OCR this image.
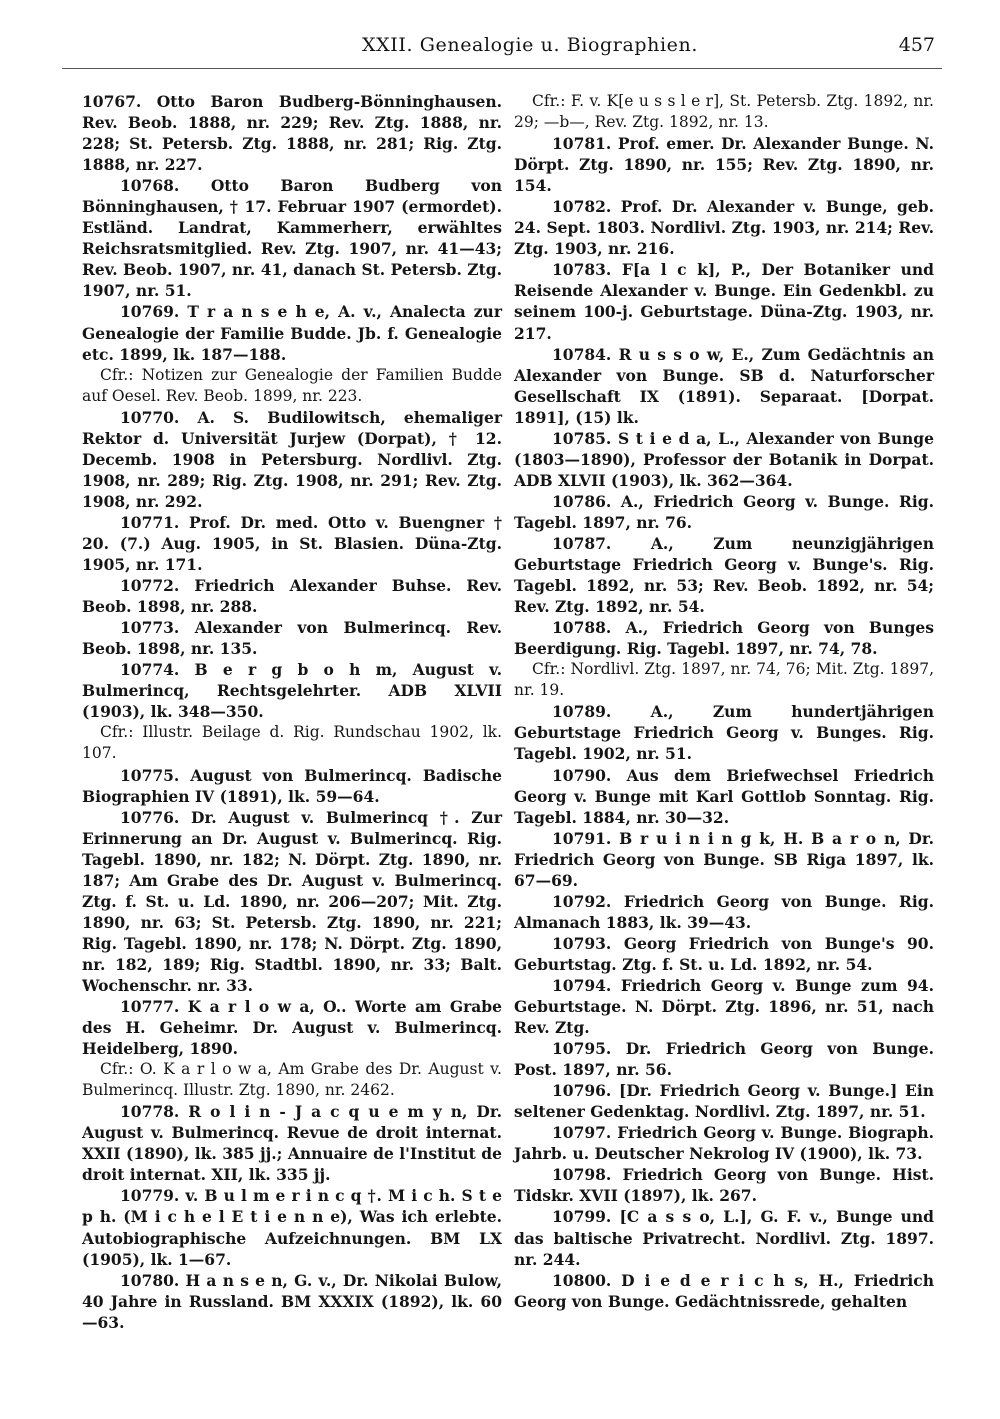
XXII. Genealogie u. Biographien.	457

10767. Otto Baron Budberg-Bönninghausen. Rev. Beob. 1888, nr. 229; Rev. Ztg. 1888, nr. 228; St. Petersb. Ztg. 1888, nr. 281; Rig. Ztg. 1888, nr. 227.

10768. Otto Baron Budberg von Bönninghausen, † 17. Februar 1907 (ermordet). Estländ. Landrat, Kammerherr, erwähltes Reichsratsmitglied. Rev. Ztg. 1907, nr. 41—43; Rev. Beob. 1907, nr. 41, danach St. Petersb. Ztg. 1907, nr. 51.

10769. T r a n s e h e, A. v., Analecta zur Genealogie der Familie Budde. Jb. f. Genealogie etc. 1899, lk. 187—188.

Cfr.: Notizen zur Genealogie der Familien Budde auf Oesel. Rev. Beob. 1899, nr. 223.

10770. A. S. Budilowitsch, ehemaliger Rektor d. Universität Jurjew (Dorpat), † 12. Decemb. 1908 in Petersburg. Nordlivl. Ztg. 1908, nr. 289; Rig. Ztg. 1908, nr. 291; Rev. Ztg. 1908, nr. 292.

10771. Prof. Dr. med. Otto v. Buengner † 20. (7.) Aug. 1905, in St. Blasien. Düna-Ztg. 1905, nr. 171.

10772. Friedrich Alexander Buhse. Rev. Beob. 1898, nr. 288.

10773. Alexander von Bulmerincq. Rev. Beob. 1898, nr. 135.

10774. B e r g b o h m, August v. Bulmerincq, Rechtsgelehrter. ADB XLVII (1903), lk. 348—350.

Cfr.: Illustr. Beilage d. Rig. Rundschau 1902, lk. 107.

10775. August von Bulmerincq. Badische Biographien IV (1891), lk. 59—64.

10776. Dr. August v. Bulmerincq †. Zur Erinnerung an Dr. August v. Bulmerincq. Rig. Tagebl. 1890, nr. 182; N. Dörpt. Ztg. 1890, nr. 187; Am Grabe des Dr. August v. Bulmerincq. Ztg. f. St. u. Ld. 1890, nr. 206—207; Mit. Ztg. 1890, nr. 63; St. Petersb. Ztg. 1890, nr. 221; Rig. Tagebl. 1890, nr. 178; N. Dörpt. Ztg. 1890, nr. 182, 189; Rig. Stadtbl. 1890, nr. 33; Balt. Wochenschr. nr. 33.

10777. K a r l o w a, O.. Worte am Grabe des H. Geheimr. Dr. August v. Bulmerincq. Heidelberg, 1890.

Cfr.: O. K a r l o w a, Am Grabe des Dr. August v. Bulmerincq. Illustr. Ztg. 1890, nr. 2462.

10778. R o l i n - J a c q u e m y n, Dr. August v. Bulmerincq. Revue de droit internat. XXII (1890), lk. 385 jj.; Annuaire de l'Institut de droit internat. XII, lk. 335 jj.

10779. v. B u l m e r i n c q †. M i c h. S t e p h. (M i c h e l E t i e n n e), Was ich erlebte. Autobiographische Aufzeichnungen. BM LX (1905), lk. 1—67.

10780. H a n s e n, G. v., Dr. Nikolai Bulow, 40 Jahre in Russland. BM XXXIX (1892), lk. 60—63.

Cfr.: F. v. K[e u s s l e r], St. Petersb. Ztg. 1892, nr. 29; —b—, Rev. Ztg. 1892, nr. 13.

10781. Prof. emer. Dr. Alexander Bunge. N. Dörpt. Ztg. 1890, nr. 155; Rev. Ztg. 1890, nr. 154.

10782. Prof. Dr. Alexander v. Bunge, geb. 24. Sept. 1803. Nordlivl. Ztg. 1903, nr. 214; Rev. Ztg. 1903, nr. 216.

10783. F[a l c k], P., Der Botaniker und Reisende Alexander v. Bunge. Ein Gedenkbl. zu seinem 100-j. Geburtstage. Düna-Ztg. 1903, nr. 217.

10784. R u s s o w, E., Zum Gedächtnis an Alexander von Bunge. SB d. Naturforscher Gesellschaft IX (1891). Separaat. [Dorpat. 1891], (15) lk.

10785. S t i e d a, L., Alexander von Bunge (1803—1890), Professor der Botanik in Dorpat. ADB XLVII (1903), lk. 362—364.

10786. A., Friedrich Georg v. Bunge. Rig. Tagebl. 1897, nr. 76.

10787. A., Zum neunzigjährigen Geburtstage Friedrich Georg v. Bunge's. Rig. Tagebl. 1892, nr. 53; Rev. Beob. 1892, nr. 54; Rev. Ztg. 1892, nr. 54.

10788. A., Friedrich Georg von Bunges Beerdigung. Rig. Tagebl. 1897, nr. 74, 78.

Cfr.: Nordlivl. Ztg. 1897, nr. 74, 76; Mit. Ztg. 1897, nr. 19.

10789. A., Zum hundertjährigen Geburtstage Friedrich Georg v. Bunges. Rig. Tagebl. 1902, nr. 51.

10790. Aus dem Briefwechsel Friedrich Georg v. Bunge mit Karl Gottlob Sonntag. Rig. Tagebl. 1884, nr. 30—32.

10791. B r u i n i n g k, H. B a r o n, Dr. Friedrich Georg von Bunge. SB Riga 1897, lk. 67—69.

10792. Friedrich Georg von Bunge. Rig. Almanach 1883, lk. 39—43.

10793. Georg Friedrich von Bunge's 90. Geburtstag. Ztg. f. St. u. Ld. 1892, nr. 54.

10794. Friedrich Georg v. Bunge zum 94. Geburtstage. N. Dörpt. Ztg. 1896, nr. 51, nach Rev. Ztg.

10795. Dr. Friedrich Georg von Bunge. Post. 1897, nr. 56.

10796. [Dr. Friedrich Georg v. Bunge.] Ein seltener Gedenktag. Nordlivl. Ztg. 1897, nr. 51.

10797. Friedrich Georg v. Bunge. Biograph. Jahrb. u. Deutscher Nekrolog IV (1900), lk. 73.

10798. Friedrich Georg von Bunge. Hist. Tidskr. XVII (1897), lk. 267.

10799. [C a s s o, L.], G. F. v., Bunge und das baltische Privatrecht. Nordlivl. Ztg. 1897. nr. 244.

10800. D i e d e r i c h s, H., Friedrich Georg von Bunge. Gedächtnissrede, gehalten
